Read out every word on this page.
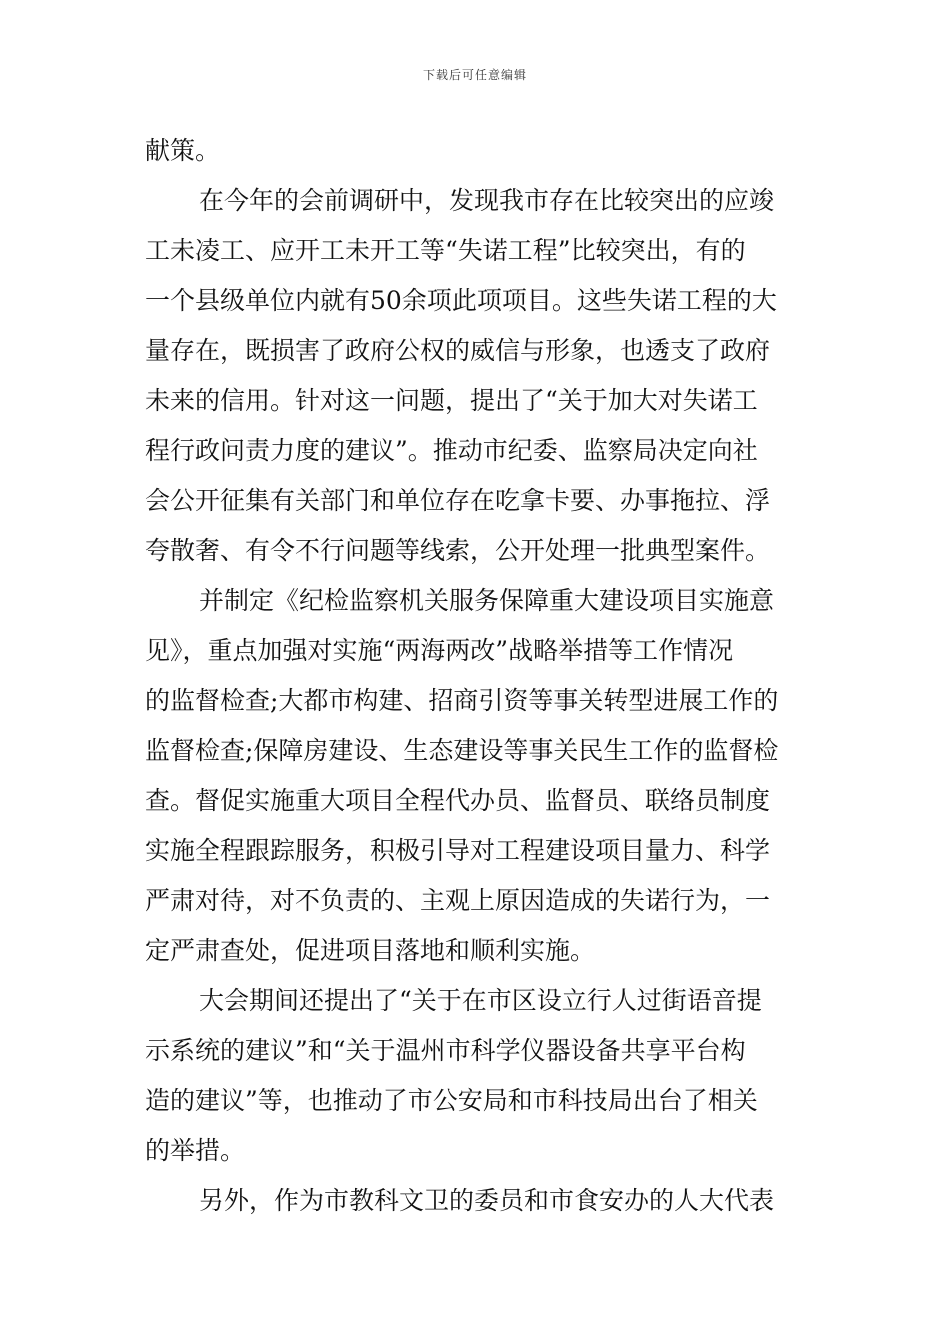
下载后可任意编辑
献策。
在今年的会前调研中，发现我市存在比较突出的应竣
工未凌工、应开工未开工等“失诺工程”比较突出，有的
一个县级单位内就有50余项此项项目。这些失诺工程的大
量存在，既损害了政府公权的威信与形象，也透支了政府
未来的信用。针对这一问题，提出了“关于加大对失诺工
程行政问责力度的建议”。推动市纪委、监察局决定向社
会公开征集有关部门和单位存在吃拿卡要、办事拖拉、浮
夸散奢、有令不行问题等线索，公开处理一批典型案件。
并制定《纪检监察机关服务保障重大建设项目实施意
见》，重点加强对实施“两海两改”战略举措等工作情况
的监督检查;大都市构建、招商引资等事关转型进展工作的
监督检查;保障房建设、生态建设等事关民生工作的监督检
查。督促实施重大项目全程代办员、监督员、联络员制度
实施全程跟踪服务，积极引导对工程建设项目量力、科学
严肃对待，对不负责的、主观上原因造成的失诺行为，一
定严肃查处，促进项目落地和顺利实施。
大会期间还提出了“关于在市区设立行人过街语音提
示系统的建议”和“关于温州市科学仪器设备共享平台构
造的建议”等，也推动了市公安局和市科技局出台了相关
的举措。
另外，作为市教科文卫的委员和市食安办的人大代表
